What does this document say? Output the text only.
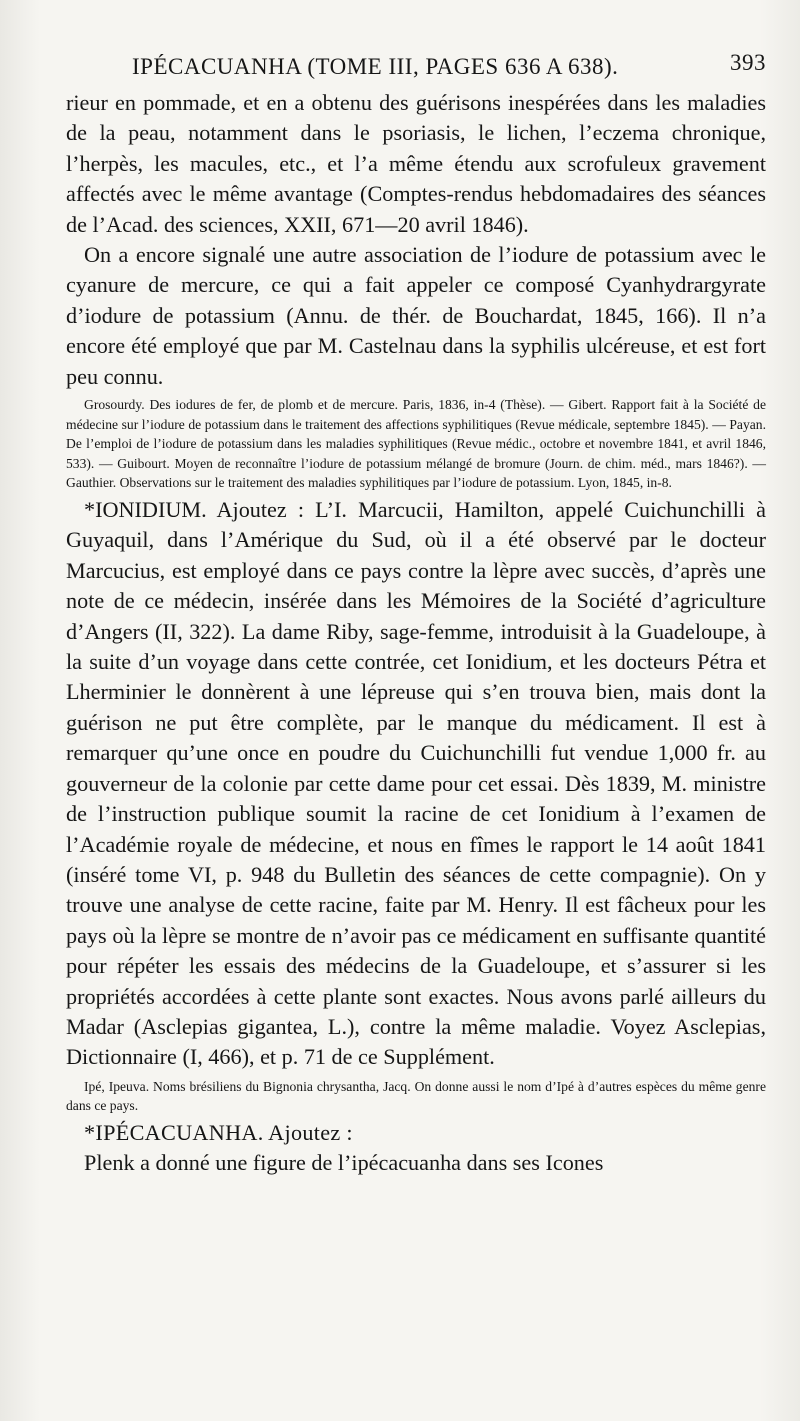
IPÉCACUANHA (TOME III, PAGES 636 A 638).	393

rieur en pommade, et en a obtenu des guérisons inespérées dans les maladies de la peau, notamment dans le psoriasis, le lichen, l’eczema chronique, l’herpès, les macules, etc., et l’a même étendu aux scrofuleux gravement affectés avec le même avantage (Comptes-rendus hebdomadaires des séances de l’Acad. des sciences, XXII, 671—20 avril 1846).

On a encore signalé une autre association de l’iodure de potassium avec le cyanure de mercure, ce qui a fait appeler ce composé Cyanhydrargyrate d’iodure de potassium (Annu. de thér. de Bouchardat, 1845, 166). Il n’a encore été employé que par M. Castelnau dans la syphilis ulcéreuse, et est fort peu connu.

Grosourdy. Des iodures de fer, de plomb et de mercure. Paris, 1836, in-4 (Thèse). — Gibert. Rapport fait à la Société de médecine sur l’iodure de potassium dans le traitement des affections syphilitiques (Revue médicale, septembre 1845). — Payan. De l’emploi de l’iodure de potassium dans les maladies syphilitiques (Revue médic., octobre et novembre 1841, et avril 1846, 533). — Guibourt. Moyen de reconnaître l’iodure de potassium mélangé de bromure (Journ. de chim. méd., mars 1846?). — Gauthier. Observations sur le traitement des maladies syphilitiques par l’iodure de potassium. Lyon, 1845, in-8.

*IONIDIUM. Ajoutez : L’I. Marcucii, Hamilton, appelé Cuichunchilli à Guyaquil, dans l’Amérique du Sud, où il a été observé par le docteur Marcucius, est employé dans ce pays contre la lèpre avec succès, d’après une note de ce médecin, insérée dans les Mémoires de la Société d’agriculture d’Angers (II, 322). La dame Riby, sage-femme, introduisit à la Guadeloupe, à la suite d’un voyage dans cette contrée, cet Ionidium, et les docteurs Pétra et Lherminier le donnèrent à une lépreuse qui s’en trouva bien, mais dont la guérison ne put être complète, par le manque du médicament. Il est à remarquer qu’une once en poudre du Cuichunchilli fut vendue 1,000 fr. au gouverneur de la colonie par cette dame pour cet essai. Dès 1839, M. ministre de l’instruction publique soumit la racine de cet Ionidium à l’examen de l’Académie royale de médecine, et nous en fîmes le rapport le 14 août 1841 (inséré tome VI, p. 948 du Bulletin des séances de cette compagnie). On y trouve une analyse de cette racine, faite par M. Henry. Il est fâcheux pour les pays où la lèpre se montre de n’avoir pas ce médicament en suffisante quantité pour répéter les essais des médecins de la Guadeloupe, et s’assurer si les propriétés accordées à cette plante sont exactes. Nous avons parlé ailleurs du Madar (Asclepias gigantea, L.), contre la même maladie. Voyez Asclepias, Dictionnaire (I, 466), et p. 71 de ce Supplément.

Ipé, Ipeuva. Noms brésiliens du Bignonia chrysantha, Jacq. On donne aussi le nom d’Ipé à d’autres espèces du même genre dans ce pays.

*IPÉCACUANHA. Ajoutez :

Plenk a donné une figure de l’ipécacuanha dans ses Icones
